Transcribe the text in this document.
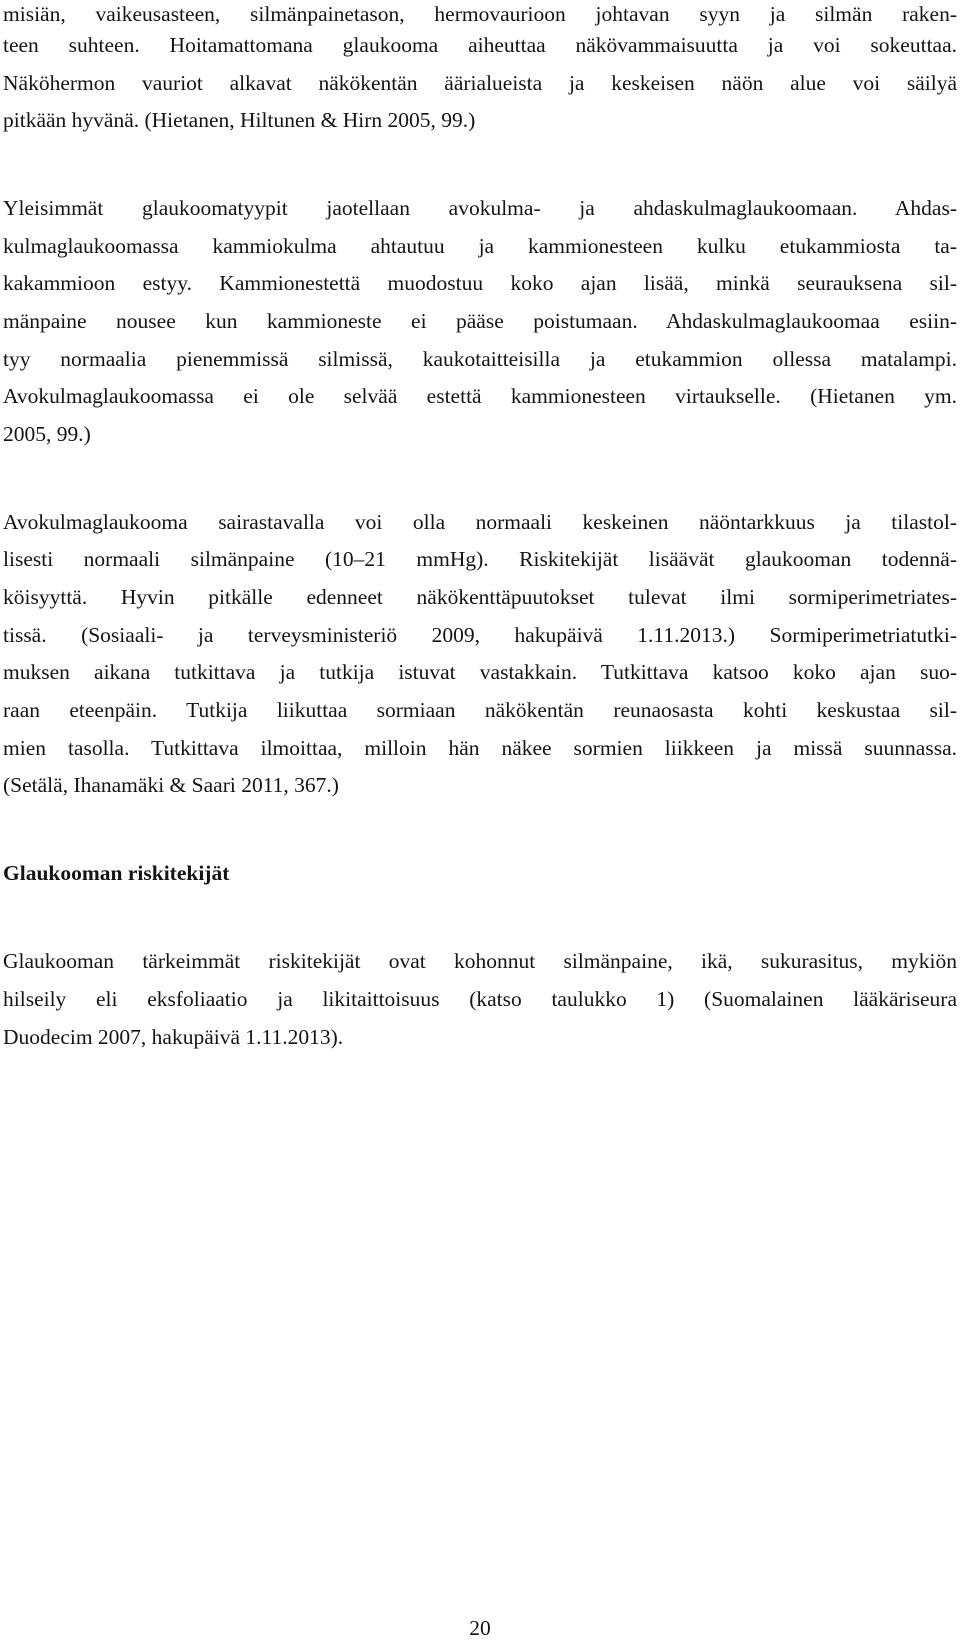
misiän, vaikeusasteen, silmänpainetason, hermovaurioon johtavan syyn ja silmän raken-
teen suhteen. Hoitamattomana glaukooma aiheuttaa näkövammaisuutta ja voi sokeuttaa.
Näköhermon vauriot alkavat näkökentän äärialueista ja keskeisen näön alue voi säilyä
pitkään hyvänä. (Hietanen, Hiltunen & Hirn 2005, 99.)
Yleisimmät glaukoomatyypit jaotellaan avokulma- ja ahdaskulmaglaukoomaan. Ahdas-
kulmaglaukoomassa kammiokulma ahtautuu ja kammionesteen kulku etukammiosta ta-
kakammioon estyy. Kammionestettä muodostuu koko ajan lisää, minkä seurauksena sil-
mänpaine nousee kun kammioneste ei pääse poistumaan. Ahdaskulmaglaukoomaa esiin-
tyy normaalia pienemmissä silmissä, kaukotaitteisilla ja etukammion ollessa matalampi.
Avokulmaglaukoomassa ei ole selvää estettä kammionesteen virtaukselle. (Hietanen ym.
2005, 99.)
Avokulmaglaukooma sairastavalla voi olla normaali keskeinen näöntarkkuus ja tilastol-
lisesti normaali silmänpaine (10–21 mmHg). Riskitekijät lisäävät glaukooman todennä-
köisyyttä. Hyvin pitkälle edenneet näkökenttäpuutokset tulevat ilmi sormiperimetriates-
tissä. (Sosiaali- ja terveysministeriö 2009, hakupäivä 1.11.2013.) Sormiperimetriatutki-
muksen aikana tutkittava ja tutkija istuvat vastakkain. Tutkittava katsoo koko ajan suo-
raan eteenpäin. Tutkija liikuttaa sormiaan näkökentän reunaosasta kohti keskustaa sil-
mien tasolla. Tutkittava ilmoittaa, milloin hän näkee sormien liikkeen ja missä suunnassa.
(Setälä, Ihanamäki & Saari 2011, 367.)
Glaukooman riskitekijät
Glaukooman tärkeimmät riskitekijät ovat kohonnut silmänpaine, ikä, sukurasitus, mykiön
hilseily eli eksfoliaatio ja likitaittoisuus (katso taulukko 1) (Suomalainen lääkäriseura
Duodecim 2007, hakupäivä 1.11.2013).
20
